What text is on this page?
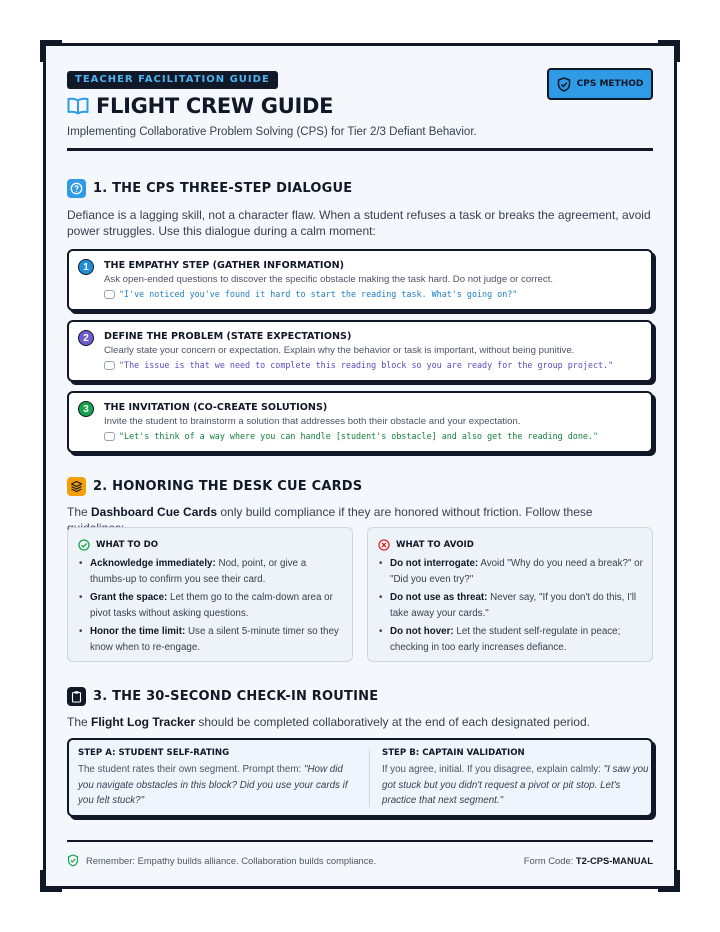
TEACHER FACILITATION GUIDE	CPS METHOD
FLIGHT CREW GUIDE
Implementing Collaborative Problem Solving (CPS) for Tier 2/3 Defiant Behavior.
1. THE CPS THREE-STEP DIALOGUE
Defiance is a lagging skill, not a character flaw. When a student refuses a task or breaks the agreement, avoid power struggles. Use this dialogue during a calm moment:
1	THE EMPATHY STEP (GATHER INFORMATION)
Ask open-ended questions to discover the specific obstacle making the task hard. Do not judge or correct.
"I've noticed you've found it hard to start the reading task. What's going on?"
2	DEFINE THE PROBLEM (STATE EXPECTATIONS)
Clearly state your concern or expectation. Explain why the behavior or task is important, without being punitive.
"The issue is that we need to complete this reading block so you are ready for the group project."
3	THE INVITATION (CO-CREATE SOLUTIONS)
Invite the student to brainstorm a solution that addresses both their obstacle and your expectation.
"Let's think of a way where you can handle [student's obstacle] and also get the reading done."
2. HONORING THE DESK CUE CARDS
The Dashboard Cue Cards only build compliance if they are honored without friction. Follow these
WHAT TO DO
• Acknowledge immediately: Nod, point, or give a thumbs-up to confirm you see their card.
• Grant the space: Let them go to the calm-down area or pivot tasks without asking questions.
• Honor the time limit: Use a silent 5-minute timer so they know when to re-engage.
WHAT TO AVOID
• Do not interrogate: Avoid "Why do you need a break?" or "Did you even try?"
• Do not use as threat: Never say, "If you don't do this, I'll take away your cards."
• Do not hover: Let the student self-regulate in peace; checking in too early increases defiance.
3. THE 30-SECOND CHECK-IN ROUTINE
The Flight Log Tracker should be completed collaboratively at the end of each designated period.
STEP A: STUDENT SELF-RATING
The student rates their own segment. Prompt them: "How did you navigate obstacles in this block? Did you use your cards if you felt stuck?"
STEP B: CAPTAIN VALIDATION
If you agree, initial. If you disagree, explain calmly: "I saw you got stuck but you didn't request a pivot or pit stop. Let's practice that next segment."
Remember: Empathy builds alliance. Collaboration builds compliance.	Form Code: T2-CPS-MANUAL
